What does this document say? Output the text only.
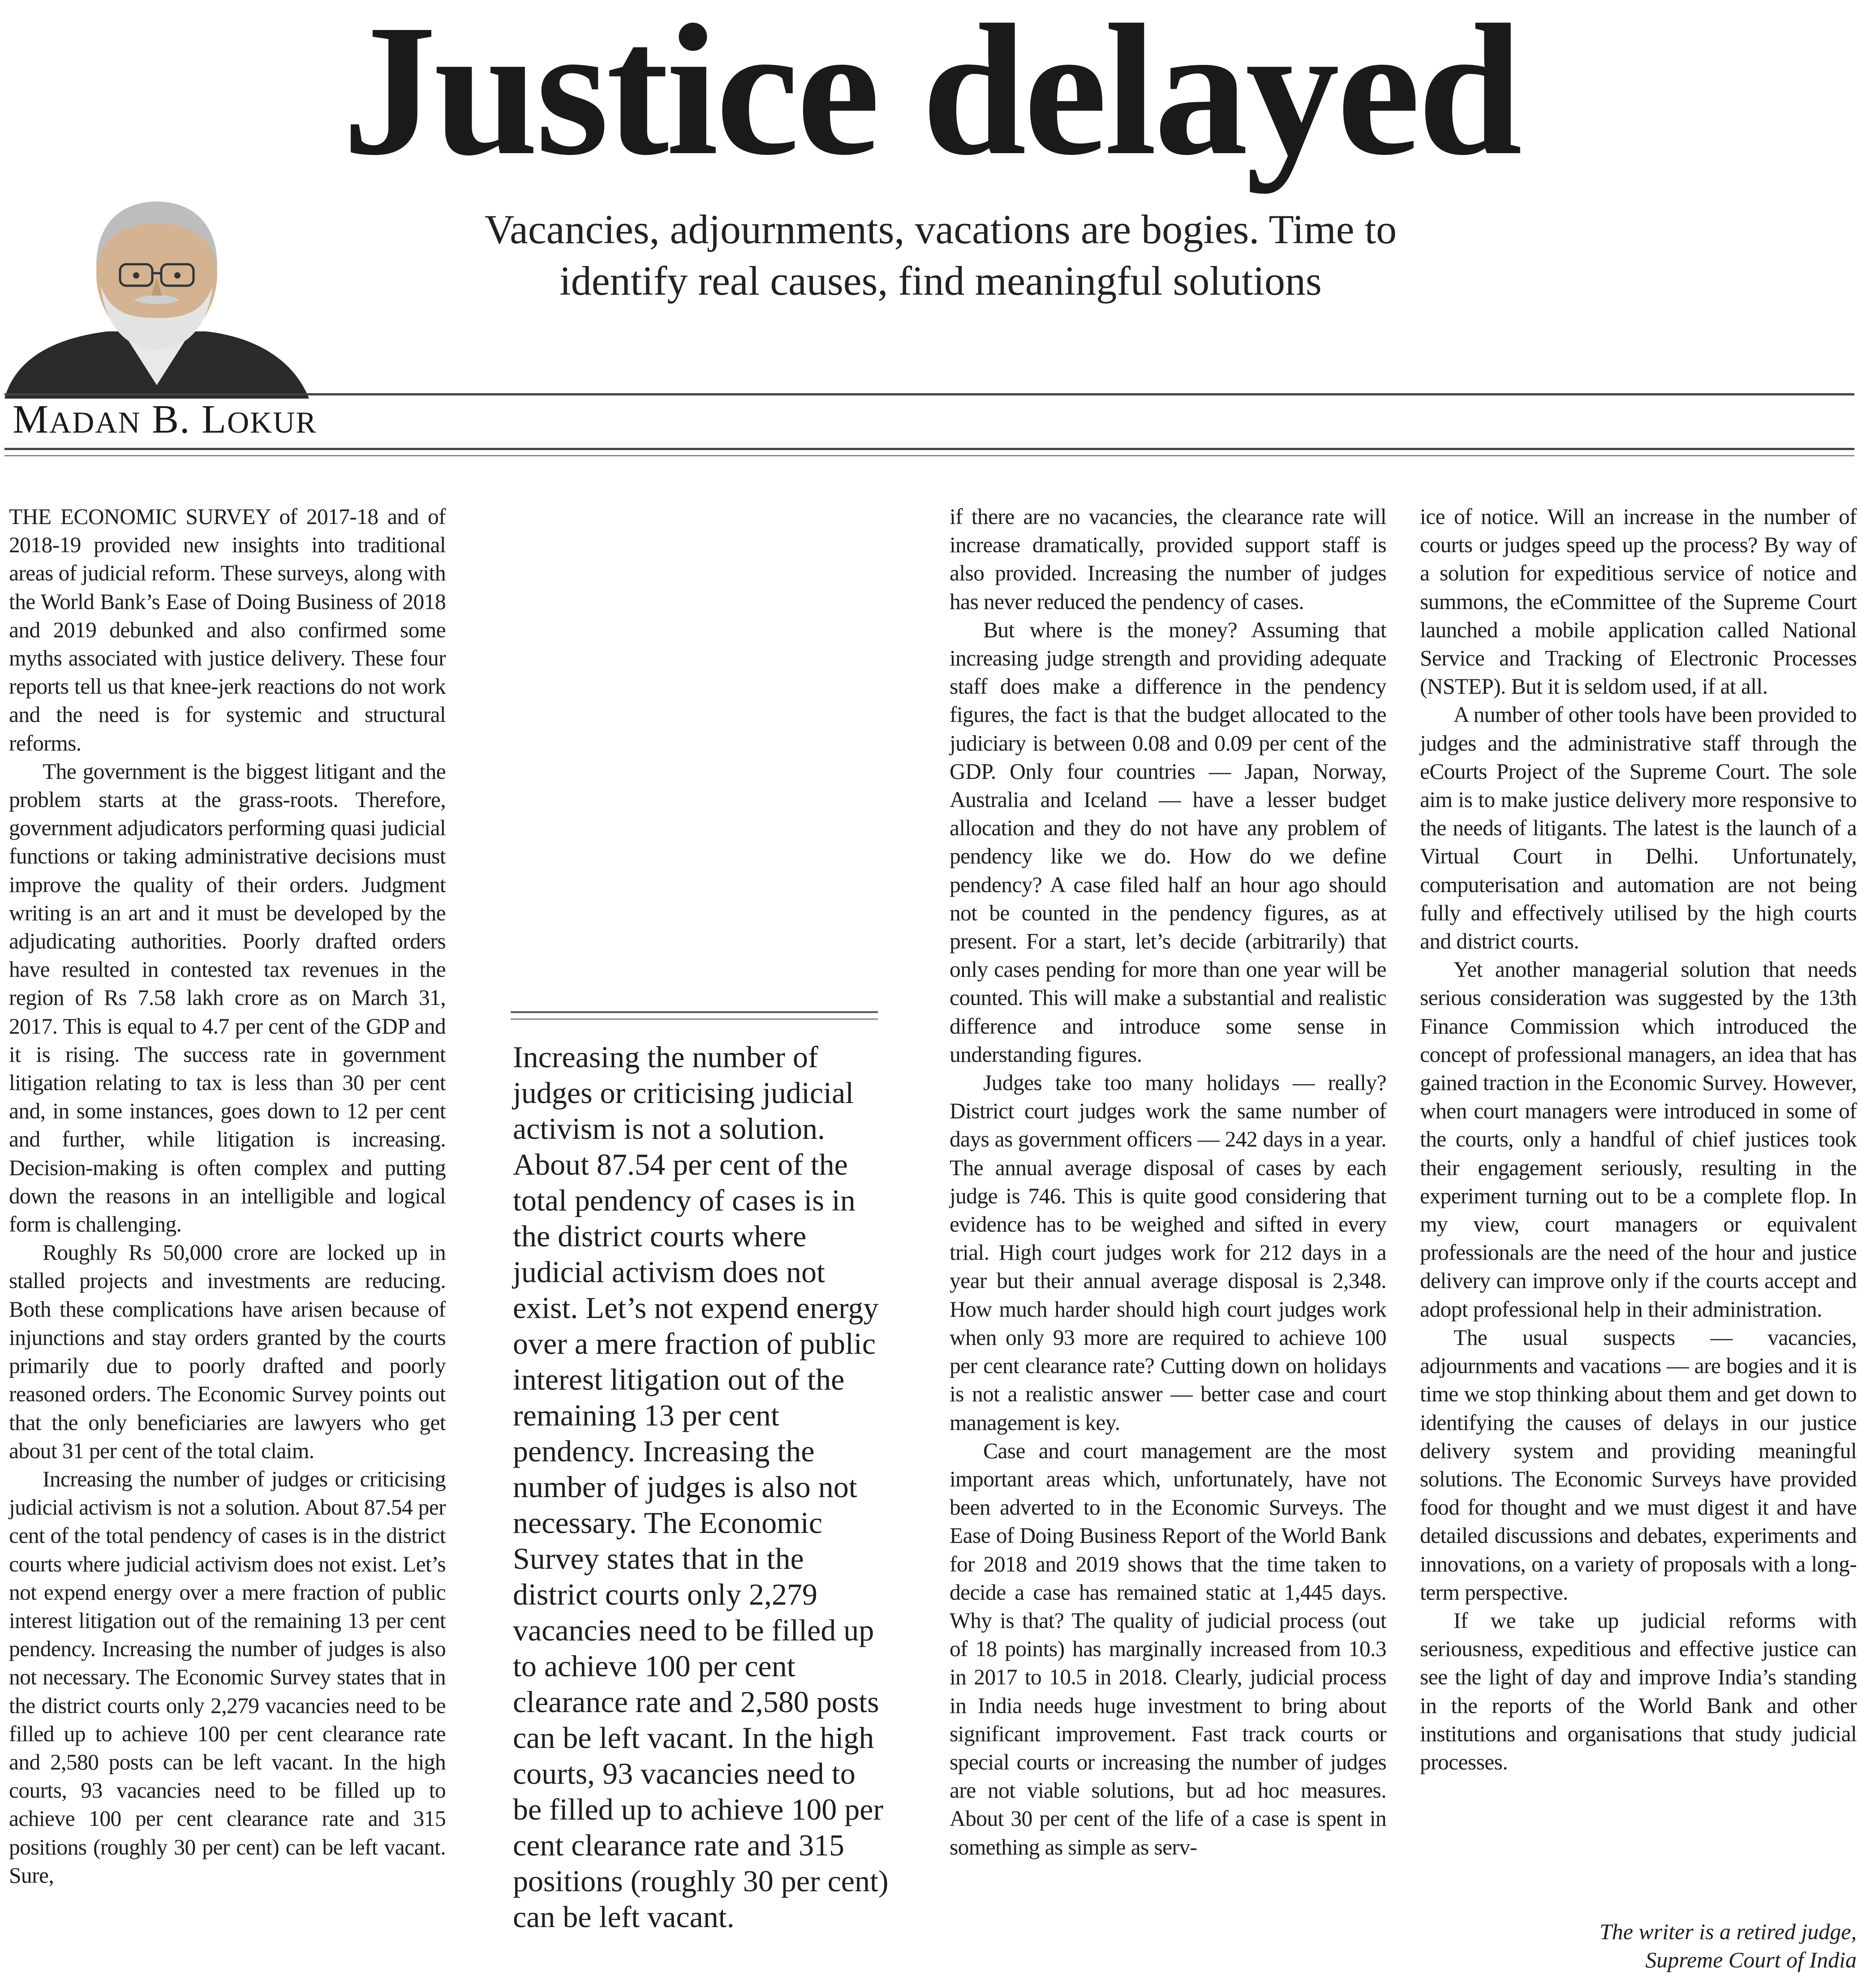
Justice delayed
Vacancies, adjournments, vacations are bogies. Time to identify real causes, find meaningful solutions
MADAN B. LOKUR

THE ECONOMIC SURVEY of 2017-18 and of 2018-19 provided new insights into traditional areas of judicial reform. These surveys, along with the World Bank’s Ease of Doing Business of 2018 and 2019 debunked and also confirmed some myths associated with justice delivery. These four reports tell us that knee-jerk reactions do not work and the need is for systemic and structural reforms.

The government is the biggest litigant and the problem starts at the grass-roots. Therefore, government adjudicators performing quasi judicial functions or taking administrative decisions must improve the quality of their orders. Judgment writing is an art and it must be developed by the adjudicating authorities. Poorly drafted orders have resulted in contested tax revenues in the region of Rs 7.58 lakh crore as on March 31, 2017. This is equal to 4.7 per cent of the GDP and it is rising. The success rate in government litigation relating to tax is less than 30 per cent and, in some instances, goes down to 12 per cent and further, while litigation is increasing. Decision-making is often complex and putting down the reasons in an intelligible and logical form is challenging.

Roughly Rs 50,000 crore are locked up in stalled projects and investments are reducing. Both these complications have arisen because of injunctions and stay orders granted by the courts primarily due to poorly drafted and poorly reasoned orders. The Economic Survey points out that the only beneficiaries are lawyers who get about 31 per cent of the total claim.

Increasing the number of judges or criticising judicial activism is not a solution. About 87.54 per cent of the total pendency of cases is in the district courts where judicial activism does not exist. Let’s not expend energy over a mere fraction of public interest litigation out of the remaining 13 per cent pendency. Increasing the number of judges is also not necessary. The Economic Survey states that in the district courts only 2,279 vacancies need to be filled up to achieve 100 per cent clearance rate and 2,580 posts can be left vacant. In the high courts, 93 vacancies need to be filled up to achieve 100 per cent clearance rate and 315 positions (roughly 30 per cent) can be left vacant. Sure,

Increasing the number of judges or criticising judicial activism is not a solution. About 87.54 per cent of the total pendency of cases is in the district courts where judicial activism does not exist. Let’s not expend energy over a mere fraction of public interest litigation out of the remaining 13 per cent pendency. Increasing the number of judges is also not necessary. The Economic Survey states that in the district courts only 2,279 vacancies need to be filled up to achieve 100 per cent clearance rate and 2,580 posts can be left vacant. In the high courts, 93 vacancies need to be filled up to achieve 100 per cent clearance rate and 315 positions (roughly 30 per cent) can be left vacant.

if there are no vacancies, the clearance rate will increase dramatically, provided support staff is also provided. Increasing the number of judges has never reduced the pendency of cases.

But where is the money? Assuming that increasing judge strength and providing adequate staff does make a difference in the pendency figures, the fact is that the budget allocated to the judiciary is between 0.08 and 0.09 per cent of the GDP. Only four countries — Japan, Norway, Australia and Iceland — have a lesser budget allocation and they do not have any problem of pendency like we do. How do we define pendency? A case filed half an hour ago should not be counted in the pendency figures, as at present. For a start, let’s decide (arbitrarily) that only cases pending for more than one year will be counted. This will make a substantial and realistic difference and introduce some sense in understanding figures.

Judges take too many holidays — really? District court judges work the same number of days as government officers — 242 days in a year. The annual average disposal of cases by each judge is 746. This is quite good considering that evidence has to be weighed and sifted in every trial. High court judges work for 212 days in a year but their annual average disposal is 2,348. How much harder should high court judges work when only 93 more are required to achieve 100 per cent clearance rate? Cutting down on holidays is not a realistic answer — better case and court management is key.

Case and court management are the most important areas which, unfortunately, have not been adverted to in the Economic Surveys. The Ease of Doing Business Report of the World Bank for 2018 and 2019 shows that the time taken to decide a case has remained static at 1,445 days. Why is that? The quality of judicial process (out of 18 points) has marginally increased from 10.3 in 2017 to 10.5 in 2018. Clearly, judicial process in India needs huge investment to bring about significant improvement. Fast track courts or special courts or increasing the number of judges are not viable solutions, but ad hoc measures. About 30 per cent of the life of a case is spent in something as simple as serv-

ice of notice. Will an increase in the number of courts or judges speed up the process? By way of a solution for expeditious service of notice and summons, the eCommittee of the Supreme Court launched a mobile application called National Service and Tracking of Electronic Processes (NSTEP). But it is seldom used, if at all.

A number of other tools have been provided to judges and the administrative staff through the eCourts Project of the Supreme Court. The sole aim is to make justice delivery more responsive to the needs of litigants. The latest is the launch of a Virtual Court in Delhi. Unfortunately, computerisation and automation are not being fully and effectively utilised by the high courts and district courts.

Yet another managerial solution that needs serious consideration was suggested by the 13th Finance Commission which introduced the concept of professional managers, an idea that has gained traction in the Economic Survey. However, when court managers were introduced in some of the courts, only a handful of chief justices took their engagement seriously, resulting in the experiment turning out to be a complete flop. In my view, court managers or equivalent professionals are the need of the hour and justice delivery can improve only if the courts accept and adopt professional help in their administration.

The usual suspects — vacancies, adjournments and vacations — are bogies and it is time we stop thinking about them and get down to identifying the causes of delays in our justice delivery system and providing meaningful solutions. The Economic Surveys have provided food for thought and we must digest it and have detailed discussions and debates, experiments and innovations, on a variety of proposals with a long-term perspective.

If we take up judicial reforms with seriousness, expeditious and effective justice can see the light of day and improve India’s standing in the reports of the World Bank and other institutions and organisations that study judicial processes.

The writer is a retired judge,
Supreme Court of India
